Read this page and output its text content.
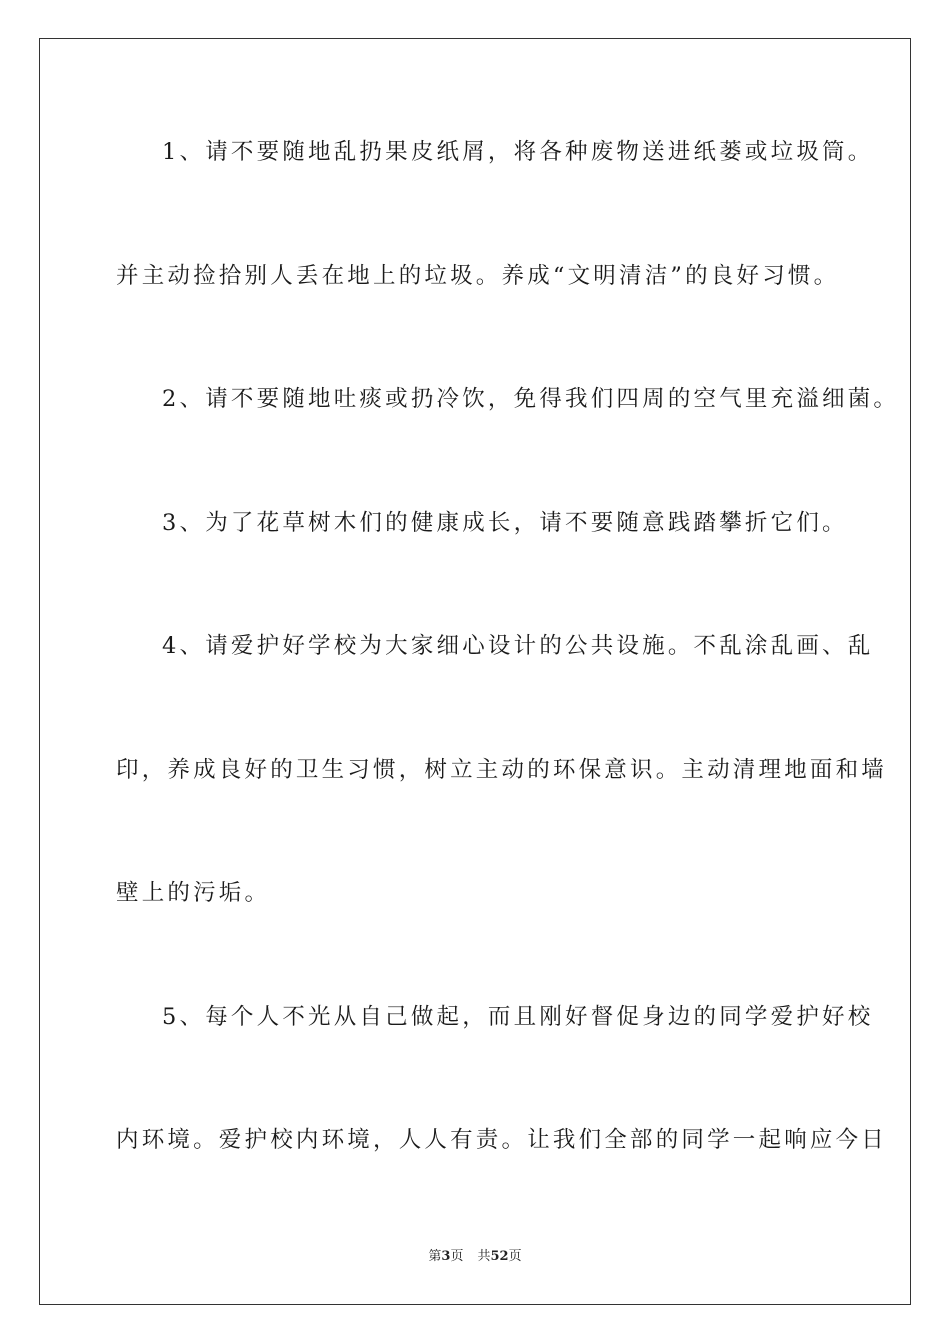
1、请不要随地乱扔果皮纸屑，将各种废物送进纸蒌或垃圾筒。
并主动捡拾别人丢在地上的垃圾。养成“文明清洁”的良好习惯。
2、请不要随地吐痰或扔冷饮，免得我们四周的空气里充溢细菌。
3、为了花草树木们的健康成长，请不要随意践踏攀折它们。
4、请爱护好学校为大家细心设计的公共设施。不乱涂乱画、乱
印，养成良好的卫生习惯，树立主动的环保意识。主动清理地面和墙
壁上的污垢。
5、每个人不光从自己做起，而且刚好督促身边的同学爱护好校
内环境。爱护校内环境，人人有责。让我们全部的同学一起响应今日
第3页 共52页
